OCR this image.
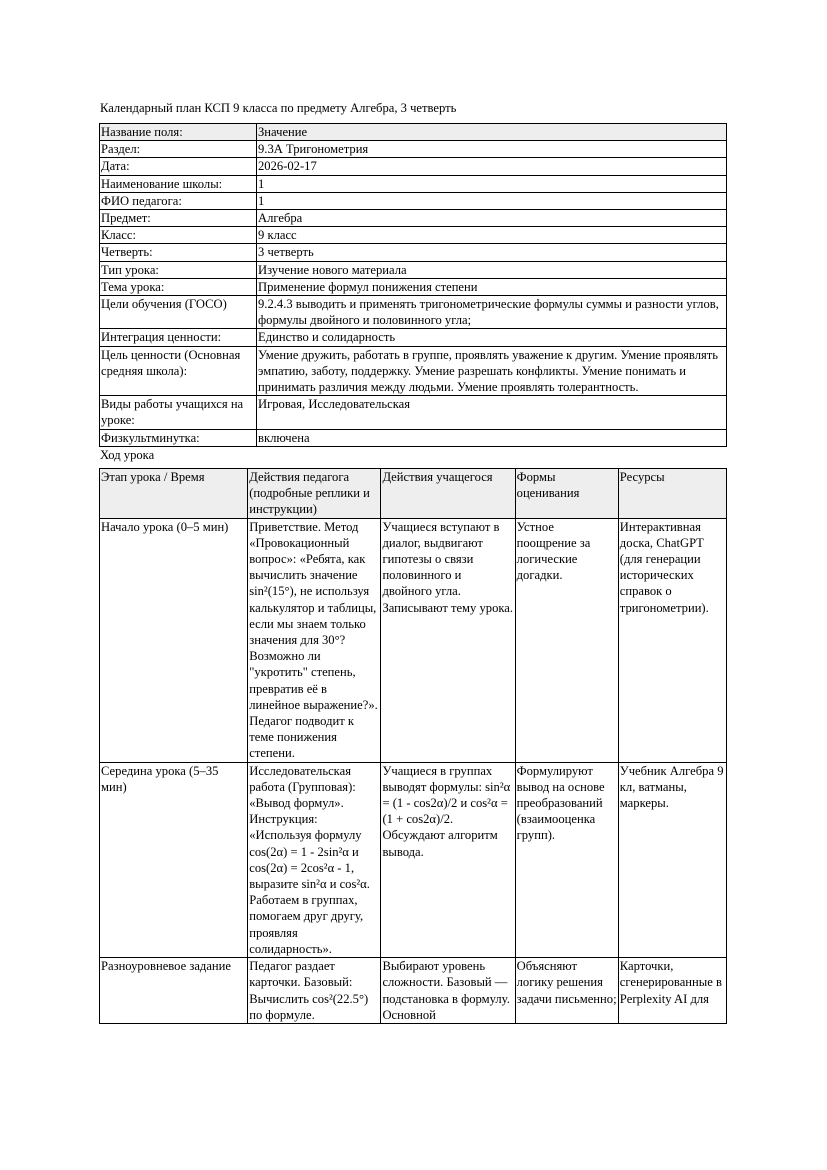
Календарный план КСП 9 класса по предмету Алгебра, 3 четверть
Название поля:	Значение
Раздел:	9.3А Тригонометрия
Дата:	2026-02-17
Наименование школы:	1
ФИО педагога:	1
Предмет:	Алгебра
Класс:	9 класс
Четверть:	3 четверть
Тип урока:	Изучение нового материала
Тема урока:	Применение формул понижения степени
Цели обучения (ГОСО)	9.2.4.3 выводить и применять тригонометрические формулы суммы и разности углов, формулы двойного и половинного угла;
Интеграция ценности:	Единство и солидарность
Цель ценности (Основная средняя школа):	Умение дружить, работать в группе, проявлять уважение к другим. Умение проявлять эмпатию, заботу, поддержку. Умение разрешать конфликты. Умение понимать и принимать различия между людьми. Умение проявлять толерантность.
Виды работы учащихся на уроке:	Игровая, Исследовательская
Физкультминутка:	включена
Ход урока
Этап урока / Время	Действия педагога (подробные реплики и инструкции)	Действия учащегося	Формы оценивания	Ресурсы
Начало урока (0–5 мин)	Приветствие. Метод «Провокационный вопрос»: «Ребята, как вычислить значение sin²(15°), не используя калькулятор и таблицы, если мы знаем только значения для 30°? Возможно ли "укротить" степень, превратив её в линейное выражение?». Педагог подводит к теме понижения степени.	Учащиеся вступают в диалог, выдвигают гипотезы о связи половинного и двойного угла. Записывают тему урока.	Устное поощрение за логические догадки.	Интерактивная доска, ChatGPT (для генерации исторических справок о тригонометрии).
Середина урока (5–35 мин)	Исследовательская работа (Групповая): «Вывод формул». Инструкция: «Используя формулу cos(2α) = 1 - 2sin²α и cos(2α) = 2cos²α - 1, выразите sin²α и cos²α. Работаем в группах, помогаем друг другу, проявляя солидарность».	Учащиеся в группах выводят формулы: sin²α = (1 - cos2α)/2 и cos²α = (1 + cos2α)/2. Обсуждают алгоритм вывода.	Формулируют вывод на основе преобразований (взаимооценка групп).	Учебник Алгебра 9 кл, ватманы, маркеры.
Разноуровневое задание	Педагог раздает карточки. Базовый: Вычислить cos²(22.5°) по формуле.	Выбирают уровень сложности. Базовый — подстановка в формулу. Основной	Объясняют логику решения задачи письменно;	Карточки, сгенерированные в Perplexity AI для
